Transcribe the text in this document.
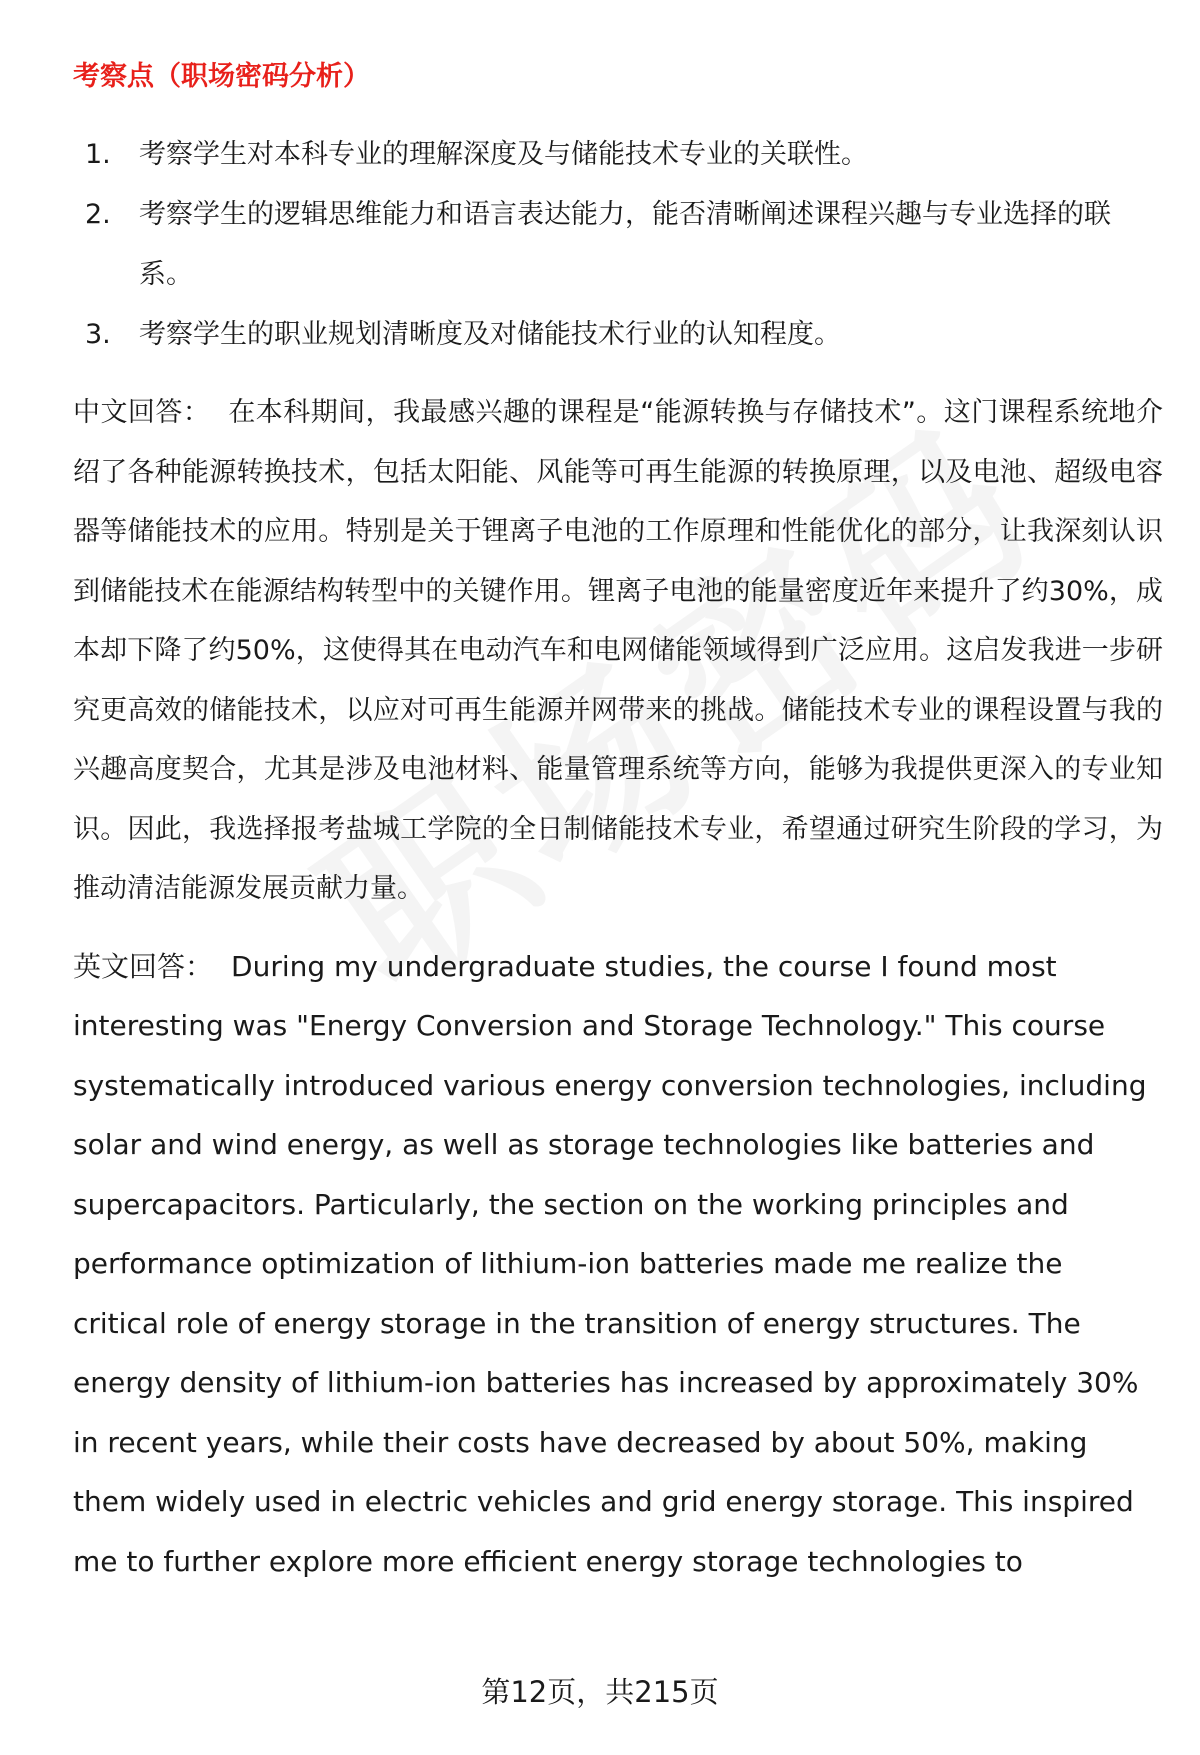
考察点（职场密码分析）
1.	考察学生对本科专业的理解深度及与储能技术专业的关联性。
2.	考察学生的逻辑思维能力和语言表达能力，能否清晰阐述课程兴趣与专业选择的联系。
3.	考察学生的职业规划清晰度及对储能技术行业的认知程度。

中文回答： 在本科期间，我最感兴趣的课程是“能源转换与存储技术”。这门课程系统地介绍了各种能源转换技术，包括太阳能、风能等可再生能源的转换原理，以及电池、超级电容器等储能技术的应用。特别是关于锂离子电池的工作原理和性能优化的部分，让我深刻认识到储能技术在能源结构转型中的关键作用。锂离子电池的能量密度近年来提升了约30%，成本却下降了约50%，这使得其在电动汽车和电网储能领域得到广泛应用。这启发我进一步研究更高效的储能技术，以应对可再生能源并网带来的挑战。储能技术专业的课程设置与我的兴趣高度契合，尤其是涉及电池材料、能量管理系统等方向，能够为我提供更深入的专业知识。因此，我选择报考盐城工学院的全日制储能技术专业，希望通过研究生阶段的学习，为推动清洁能源发展贡献力量。

英文回答： During my undergraduate studies, the course I found most interesting was "Energy Conversion and Storage Technology." This course systematically introduced various energy conversion technologies, including solar and wind energy, as well as storage technologies like batteries and supercapacitors. Particularly, the section on the working principles and performance optimization of lithium-ion batteries made me realize the critical role of energy storage in the transition of energy structures. The energy density of lithium-ion batteries has increased by approximately 30% in recent years, while their costs have decreased by about 50%, making them widely used in electric vehicles and grid energy storage. This inspired me to further explore more efficient energy storage technologies to

第12页，共215页
